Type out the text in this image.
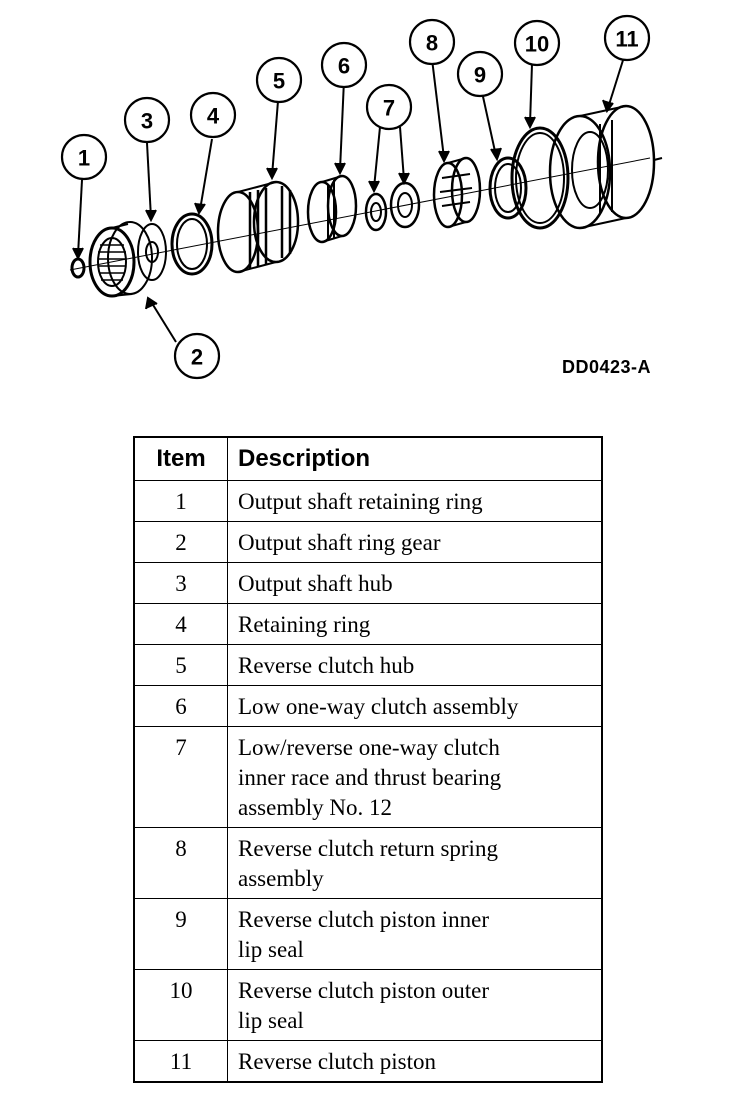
1
2
3 4
5
6
7
8
9
10	11
DD0423-A
Item	Description
1	Output shaft retaining ring

2	Output shaft ring gear

3	Output shaft hub

4	Retaining ring

5	Reverse clutch hub

6	Low one-way clutch assembly

7	Low/reverse one-way clutch
inner race and thrust bearing
assembly No. 12

8	Reverse clutch return spring
assembly

9	Reverse clutch piston inner
lip seal

10	Reverse clutch piston outer
lip seal

11	Reverse clutch piston
